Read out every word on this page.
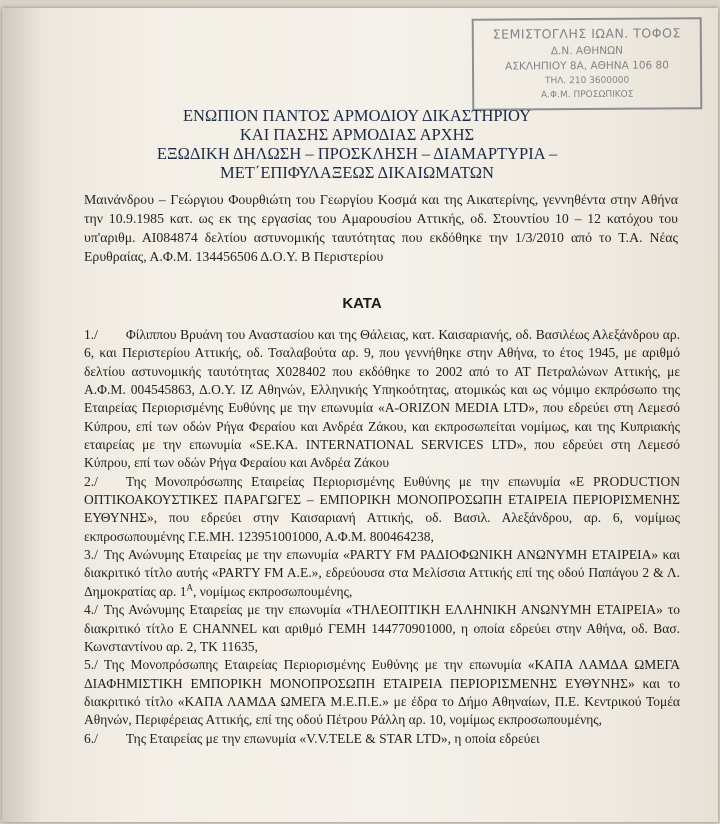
ΣΕΜΙΣΤΟΓΛΗΣ ΙΩΑΝ. ΤΟΦΟΣ
Δ.Ν. ΑΘΗΝΩΝ
ΑΣΚΛΗΠΙΟΥ 8Α, ΑΘΗΝΑ 106 80
ΤΗΛ. 210 3600000
Α.Φ.Μ. ΠΡΟΣΩΠΙΚΟΣ
ΕΝΩΠΙΟΝ ΠΑΝΤΟΣ ΑΡΜΟΔΙΟΥ ΔΙΚΑΣΤΗΡΙΟΥ
ΚΑΙ ΠΑΣΗΣ ΑΡΜΟΔΙΑΣ ΑΡΧΗΣ
ΕΞΩΔΙΚΗ ΔΗΛΩΣΗ – ΠΡΟΣΚΛΗΣΗ – ΔΙΑΜΑΡΤΥΡΙΑ –
ΜΕΤ΄ΕΠΙΦΥΛΑΞΕΩΣ ΔΙΚΑΙΩΜΑΤΩΝ

Μαινάνδρου – Γεώργιου Φουρθιώτη του Γεωργίου Κοσμά και της Αικατερίνης, γεννηθέντα στην Αθήνα την 10.9.1985 κατ. ως εκ της εργασίας του Αμαρουσίου Αττικής, οδ. Στουντίου 10 – 12 κατόχου του υπ'αριθμ. ΑΙ084874 δελτίου αστυνομικής ταυτότητας που εκδόθηκε την 1/3/2010 από το Τ.Α. Νέας Ερυθραίας, Α.Φ.Μ. 134456506 Δ.Ο.Υ. Β Περιστερίου

ΚΑΤΑ

1./ Φίλιππου Βρυάνη του Αναστασίου και της Θάλειας, κατ. Καισαριανής, οδ. Βασιλέως Αλεξάνδρου αρ. 6, και Περιστερίου Αττικής, οδ. Τσαλαβούτα αρ. 9, που γεννήθηκε στην Αθήνα, το έτος 1945, με αριθμό δελτίου αστυνομικής ταυτότητας Χ028402 που εκδόθηκε το 2002 από το ΑΤ Πετραλώνων Αττικής, με Α.Φ.Μ. 004545863, Δ.Ο.Υ. ΙΖ Αθηνών, Ελληνικής Υπηκοότητας, ατομικώς και ως νόμιμο εκπρόσωπο της Εταιρείας Περιορισμένης Ευθύνης με την επωνυμία «A-ORIZON MEDIA LTD», που εδρεύει στη Λεμεσό Κύπρου, επί των οδών Ρήγα Φεραίου και Ανδρέα Ζάκου, και εκπροσωπείται νομίμως, και της Κυπριακής εταιρείας με την επωνυμία «SE.KA. INTERNATIONAL SERVICES LTD», που εδρεύει στη Λεμεσό Κύπρου, επί των οδών Ρήγα Φεραίου και Ανδρέα Ζάκου

2./ Της Μονοπρόσωπης Εταιρείας Περιορισμένης Ευθύνης με την επωνυμία «Ε PRODUCTION ΟΠΤΙΚΟΑΚΟΥΣΤΙΚΕΣ ΠΑΡΑΓΩΓΕΣ – ΕΜΠΟΡΙΚΗ ΜΟΝΟΠΡΟΣΩΠΗ ΕΤΑΙΡΕΙΑ ΠΕΡΙΟΡΙΣΜΕΝΗΣ ΕΥΘΥΝΗΣ», που εδρεύει στην Καισαριανή Αττικής, οδ. Βασιλ. Αλεξάνδρου, αρ. 6, νομίμως εκπροσωπουμένης Γ.Ε.ΜΗ. 123951001000, Α.Φ.Μ. 800464238,

3./ Της Ανώνυμης Εταιρείας με την επωνυμία «PARTY FM ΡΑΔΙΟΦΩΝΙΚΗ ΑΝΩΝΥΜΗ ΕΤΑΙΡΕΙΑ» και διακριτικό τίτλο αυτής «PARTY FM A.E.», εδρεύουσα στα Μελίσσια Αττικής επί της οδού Παπάγου 2 & Λ. Δημοκρατίας αρ. $1^A$, νομίμως εκπροσωπουμένης,

4./ Της Ανώνυμης Εταιρείας με την επωνυμία «ΤΗΛΕΟΠΤΙΚΗ ΕΛΛΗΝΙΚΗ ΑΝΩΝΥΜΗ ΕΤΑΙΡΕΙΑ» το διακριτικό τίτλο Ε CHANNEL και αριθμό ΓΕΜΗ 144770901000, η οποία εδρεύει στην Αθήνα, οδ. Βασ. Κωνσταντίνου αρ. 2, ΤΚ 11635,

5./ Της Μονοπρόσωπης Εταιρείας Περιορισμένης Ευθύνης με την επωνυμία «ΚΑΠΑ ΛΑΜΔΑ ΩΜΕΓΑ ΔΙΑΦΗΜΙΣΤΙΚΗ ΕΜΠΟΡΙΚΗ ΜΟΝΟΠΡΟΣΩΠΗ ΕΤΑΙΡΕΙΑ ΠΕΡΙΟΡΙΣΜΕΝΗΣ ΕΥΘΥΝΗΣ» και το διακριτικό τίτλο «ΚΑΠΑ ΛΑΜΔΑ ΩΜΕΓΑ Μ.Ε.Π.Ε.» με έδρα το Δήμο Αθηναίων, Π.Ε. Κεντρικού Τομέα Αθηνών, Περιφέρειας Αττικής, επί της οδού Πέτρου Ράλλη αρ. 10, νομίμως εκπροσωπουμένης,

6./ Της Εταιρείας με την επωνυμία «V.V.TELE & STAR LTD», η οποία εδρεύει
